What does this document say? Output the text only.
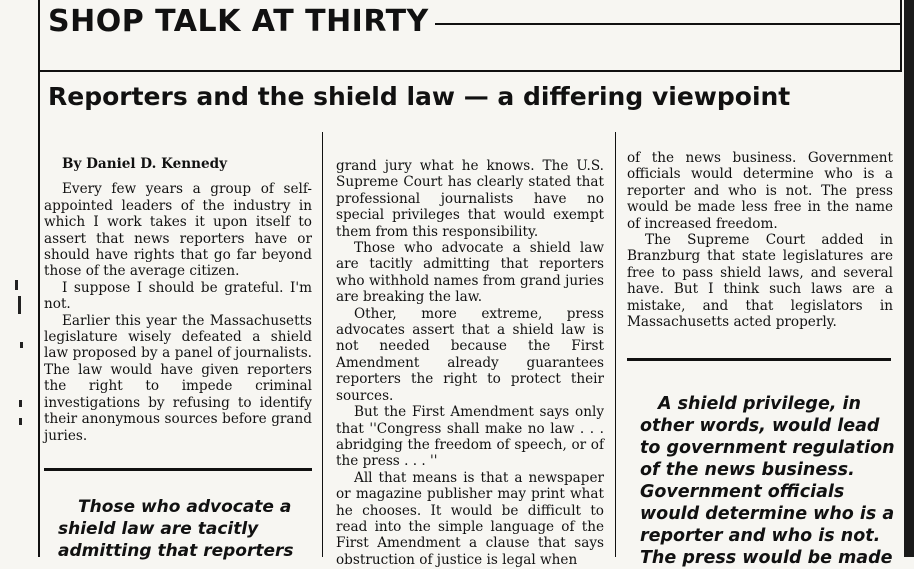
SHOP TALK AT THIRTY
Reporters and the shield law — a differing viewpoint

By Daniel D. Kennedy

Every few years a group of self-appointed leaders of the industry in which I work takes it upon itself to assert that news reporters have or should have rights that go far beyond those of the average citizen.

I suppose I should be grateful. I'm not.

Earlier this year the Massachusetts legislature wisely defeated a shield law proposed by a panel of journalists. The law would have given reporters the right to impede criminal investigations by refusing to identify their anonymous sources before grand juries.

Those who advocate a shield law are tacitly admitting that reporters

grand jury what he knows. The U.S. Supreme Court has clearly stated that professional journalists have no special privileges that would exempt them from this responsibility.

Those who advocate a shield law are tacitly admitting that reporters who withhold names from grand juries are breaking the law.

Other, more extreme, press advocates assert that a shield law is not needed because the First Amendment already guarantees reporters the right to protect their sources.

But the First Amendment says only that ''Congress shall make no law . . . abridging the freedom of speech, or of the press . . . ''

All that means is that a newspaper or magazine publisher may print what he chooses. It would be difficult to read into the simple language of the First Amendment a clause that says obstruction of justice is legal when

of the news business. Government officials would determine who is a reporter and who is not. The press would be made less free in the name of increased freedom.

The Supreme Court added in Branzburg that state legislatures are free to pass shield laws, and several have. But I think such laws are a mistake, and that legislators in Massachusetts acted properly.

A shield privilege, in other words, would lead to government regulation of the news business. Government officials would determine who is a reporter and who is not. The press would be made
